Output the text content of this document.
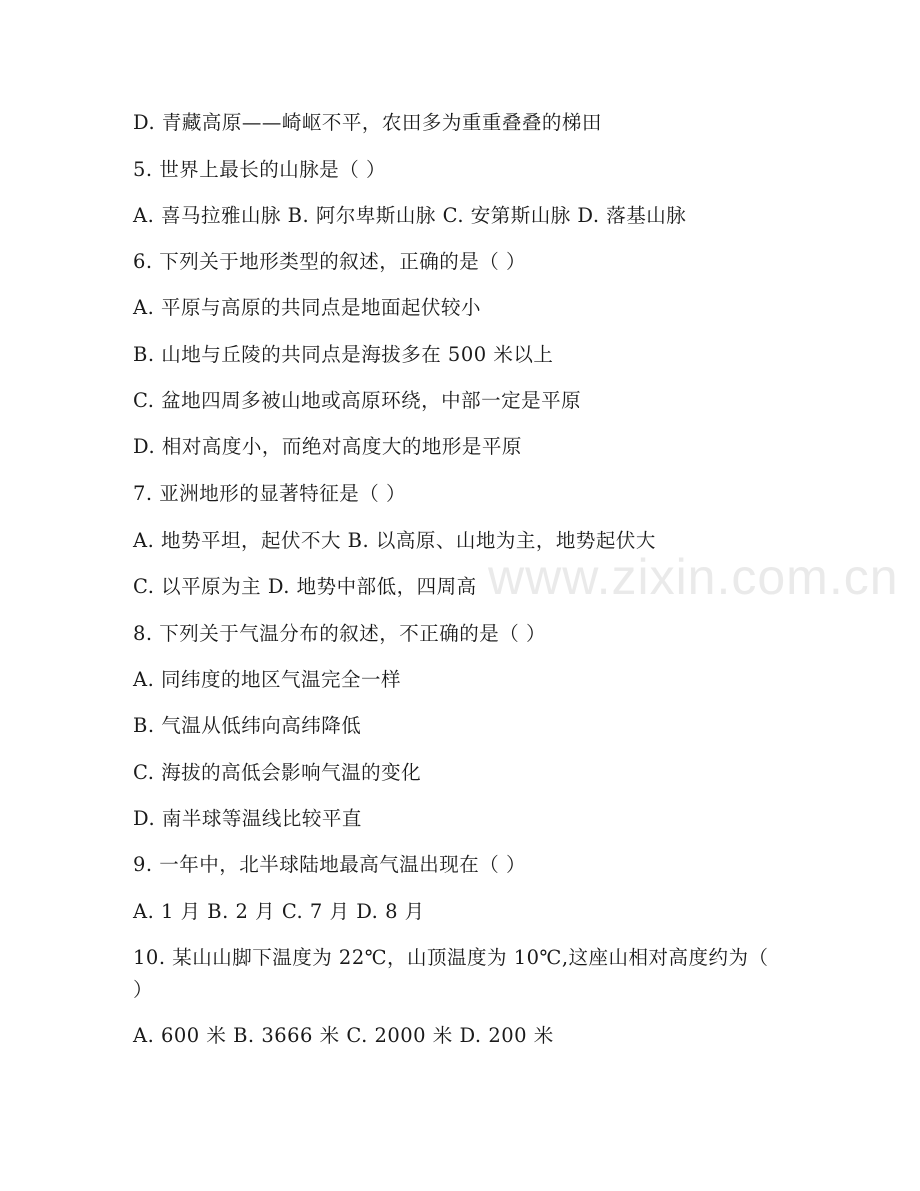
D. 青藏高原——崎岖不平，农田多为重重叠叠的梯田
5. 世界上最长的山脉是（ ）
A. 喜马拉雅山脉 B. 阿尔卑斯山脉 C. 安第斯山脉 D. 落基山脉
6. 下列关于地形类型的叙述，正确的是（ ）
A. 平原与高原的共同点是地面起伏较小
B. 山地与丘陵的共同点是海拔多在 500 米以上
C. 盆地四周多被山地或高原环绕，中部一定是平原
D. 相对高度小，而绝对高度大的地形是平原
7. 亚洲地形的显著特征是（ ）
A. 地势平坦，起伏不大 B. 以高原、山地为主，地势起伏大
C. 以平原为主 D. 地势中部低，四周高
8. 下列关于气温分布的叙述，不正确的是（ ）
A. 同纬度的地区气温完全一样
B. 气温从低纬向高纬降低
C. 海拔的高低会影响气温的变化
D. 南半球等温线比较平直
9. 一年中，北半球陆地最高气温出现在（ ）
A. 1 月 B. 2 月 C. 7 月 D. 8 月
10. 某山山脚下温度为 22℃，山顶温度为 10℃,这座山相对高度约为（ ）
A. 600 米 B. 3666 米 C. 2000 米 D. 200 米
www.zixin.com.cn
